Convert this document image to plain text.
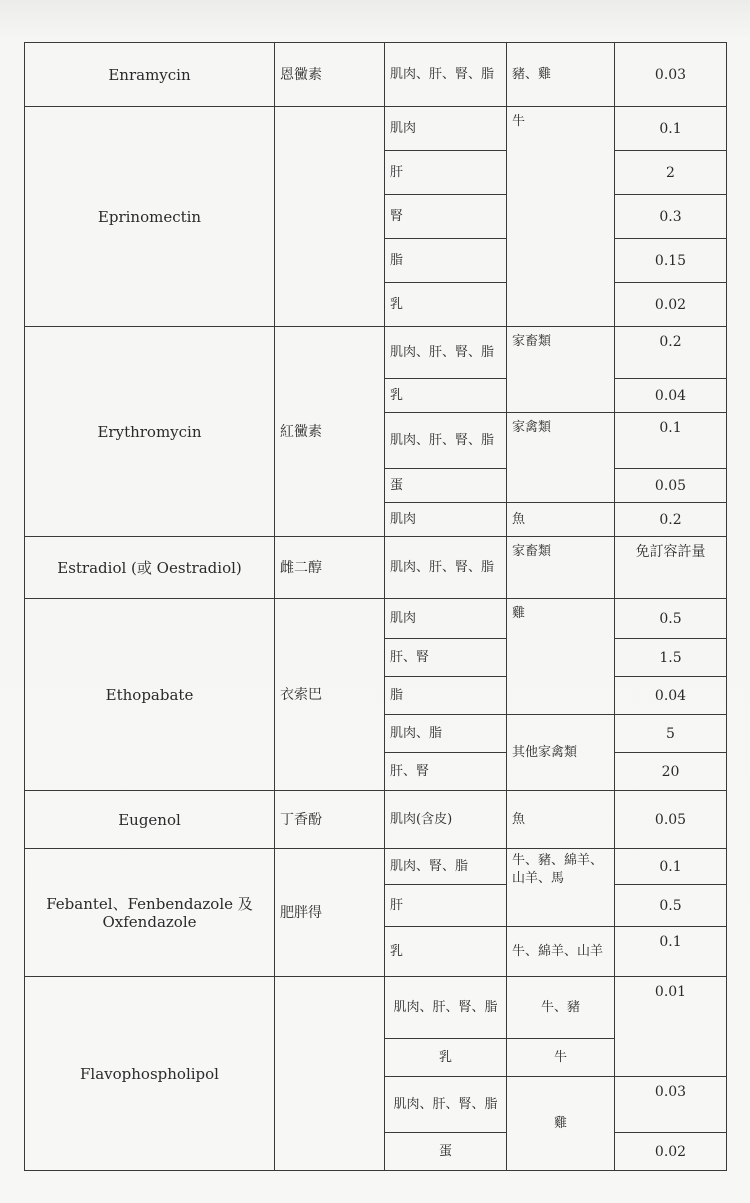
Enramycin	恩黴素	肌肉、肝、腎、脂	豬、雞	0.03
Eprinomectin		肌肉	牛	0.1
		肝		2
		腎		0.3
		脂		0.15
		乳		0.02
Erythromycin	紅黴素	肌肉、肝、腎、脂	家畜類	0.2
		乳		0.04
		肌肉、肝、腎、脂	家禽類	0.1
		蛋		0.05
		肌肉	魚	0.2
Estradiol (或 Oestradiol)	雌二醇	肌肉、肝、腎、脂	家畜類	免訂容許量
Ethopabate	衣索巴	肌肉	雞	0.5
		肝、腎		1.5
		脂		0.04
		肌肉、脂	其他家禽類	5
		肝、腎		20
Eugenol	丁香酚	肌肉(含皮)	魚	0.05
Febantel、Fenbendazole 及 Oxfendazole	肥胖得	肌肉、腎、脂	牛、豬、綿羊、山羊、馬	0.1
		肝		0.5
		乳	牛、綿羊、山羊	0.1
Flavophospholipol		肌肉、肝、腎、脂	牛、豬	0.01
		乳	牛	
		肌肉、肝、腎、脂	雞	0.03
		蛋		0.02
